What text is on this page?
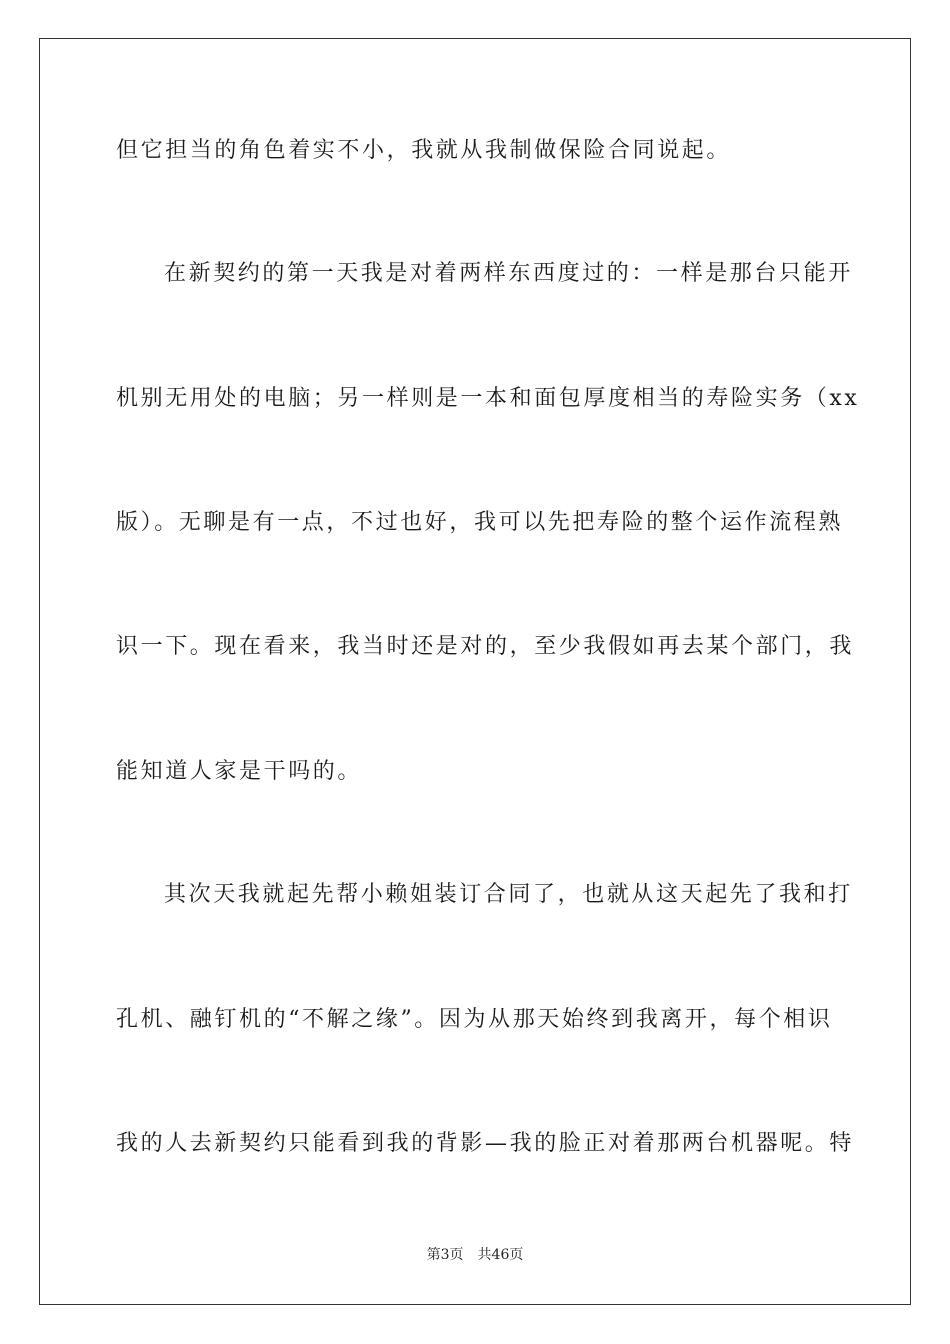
但它担当的角色着实不小，我就从我制做保险合同说起。
在新契约的第一天我是对着两样东西度过的：一样是那台只能开
机别无用处的电脑；另一样则是一本和面包厚度相当的寿险实务（xx
版）。无聊是有一点，不过也好，我可以先把寿险的整个运作流程熟
识一下。现在看来，我当时还是对的，至少我假如再去某个部门，我
能知道人家是干吗的。
其次天我就起先帮小赖姐装订合同了，也就从这天起先了我和打
孔机、融钉机的“不解之缘”。因为从那天始终到我离开，每个相识
我的人去新契约只能看到我的背影—我的脸正对着那两台机器呢。特
第3页 共46页
